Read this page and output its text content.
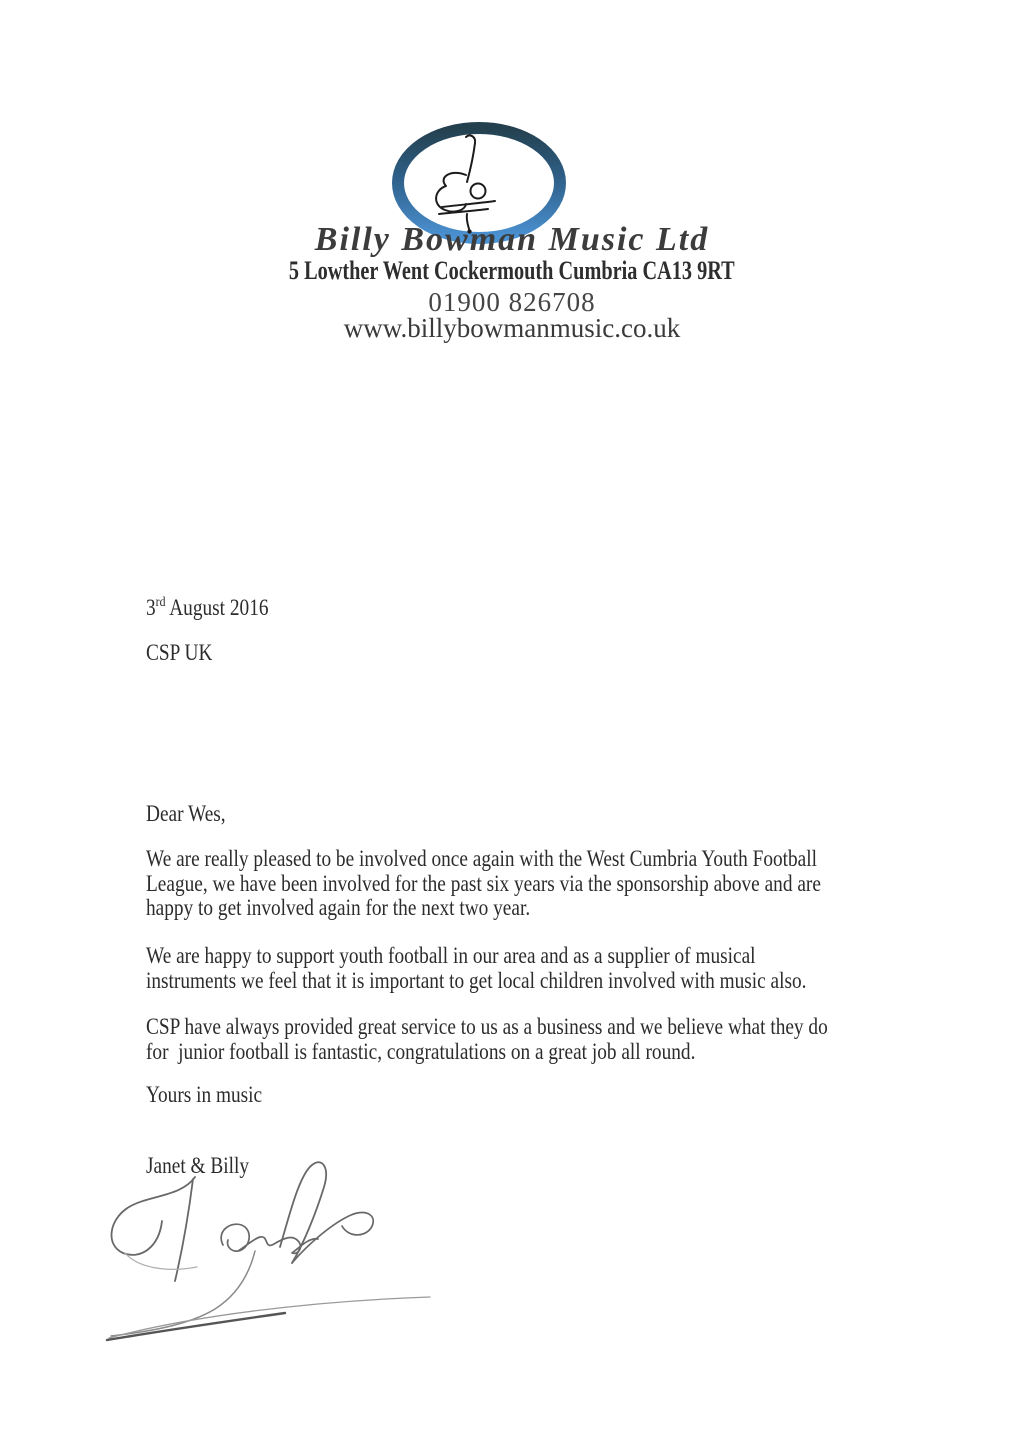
Billy Bowman Music Ltd
5 Lowther Went Cockermouth Cumbria CA13 9RT
01900 826708
www.billybowmanmusic.co.uk
3rd August 2016
CSP UK
Dear Wes,
We are really pleased to be involved once again with the West Cumbria Youth Football
League, we have been involved for the past six years via the sponsorship above and are
happy to get involved again for the next two year.
We are happy to support youth football in our area and as a supplier of musical
instruments we feel that it is important to get local children involved with music also.
CSP have always provided great service to us as a business and we believe what they do
for  junior football is fantastic, congratulations on a great job all round.
Yours in music
Janet & Billy
